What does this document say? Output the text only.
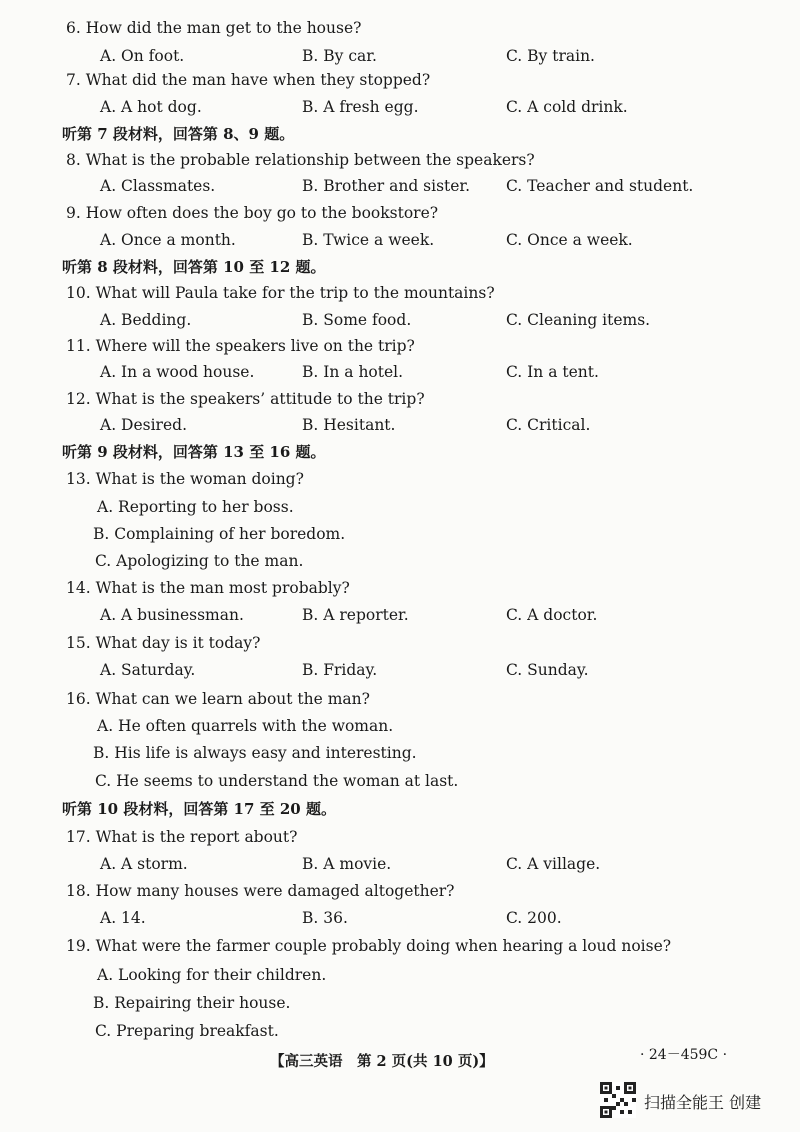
6. How did the man get to the house?
A. On foot.	B. By car.	C. By train.
7. What did the man have when they stopped?
A. A hot dog.	B. A fresh egg.	C. A cold drink.
听第 7 段材料，回答第 8、9 题。
8. What is the probable relationship between the speakers?
A. Classmates.	B. Brother and sister. C. Teacher and student.
9. How often does the boy go to the bookstore?
A. Once a month.	B. Twice a week.	C. Once a week.
听第 8 段材料，回答第 10 至 12 题。
10. What will Paula take for the trip to the mountains?
A. Bedding.	B. Some food.	C. Cleaning items.
11. Where will the speakers live on the trip?
A. In a wood house.	B. In a hotel.	C. In a tent.
12. What is the speakers’ attitude to the trip?
A. Desired.	B. Hesitant.	C. Critical.
听第 9 段材料，回答第 13 至 16 题。
13. What is the woman doing?
A. Reporting to her boss.
B. Complaining of her boredom.
C. Apologizing to the man.
14. What is the man most probably?
A. A businessman.	B. A reporter.	C. A doctor.
15. What day is it today?
A. Saturday.	B. Friday.	C. Sunday.
16. What can we learn about the man?
A. He often quarrels with the woman.
B. His life is always easy and interesting.
C. He seems to understand the woman at last.
听第 10 段材料，回答第 17 至 20 题。
17. What is the report about?
A. A storm.	B. A movie.	C. A village.
18. How many houses were damaged altogether?
A. 14.	B. 36.	C. 200.
19. What were the farmer couple probably doing when hearing a loud noise?
A. Looking for their children.
B. Repairing their house.
C. Preparing breakfast.
【高三英语　第 2 页(共 10 页)】	· 24－459C ·
扫描全能王 创建
